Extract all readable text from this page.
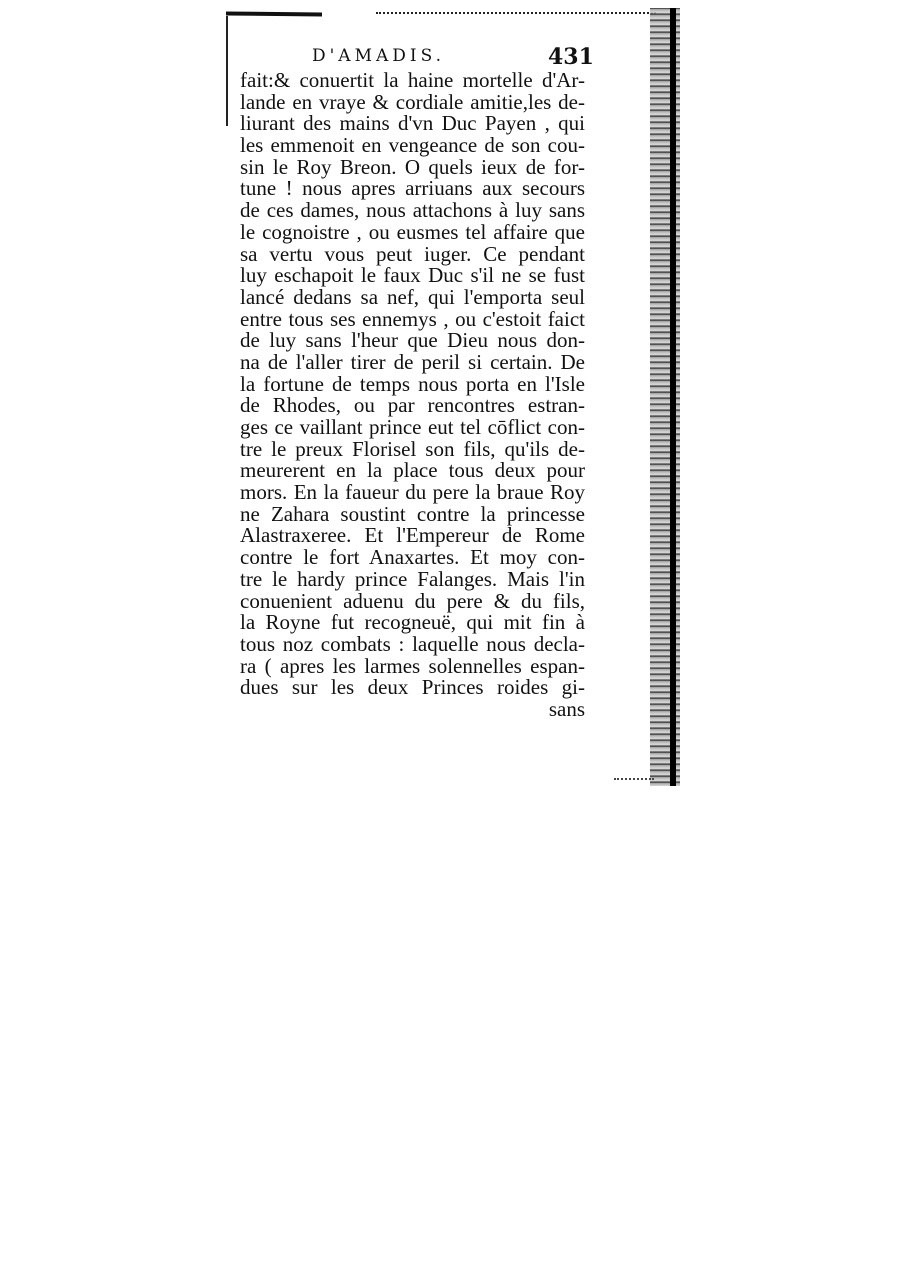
D'AMADIS.	431
fait:& conuertit la haine mortelle d'Ar-
lande en vraye & cordiale amitie,les de-
liurant des mains d'vn Duc Payen , qui
les emmenoit en vengeance de son cou-
sin le Roy Breon. O quels ieux de for-
tune ! nous apres arriuans aux secours
de ces dames, nous attachons à luy sans
le cognoistre , ou eusmes tel affaire que
sa vertu vous peut iuger. Ce pendant
luy eschapoit le faux Duc s'il ne se fust
lancé dedans sa nef, qui l'emporta seul
entre tous ses ennemys , ou c'estoit faict
de luy sans l'heur que Dieu nous don-
na de l'aller tirer de peril si certain. De
la fortune de temps nous porta en l'Isle
de Rhodes, ou par rencontres estran-
ges ce vaillant prince eut tel cōflict con-
tre le preux Florisel son fils, qu'ils de-
meurerent en la place tous deux pour
mors. En la faueur du pere la braue Roy
ne Zahara soustint contre la princesse
Alastraxeree. Et l'Empereur de Rome
contre le fort Anaxartes. Et moy con-
tre le hardy prince Falanges. Mais l'in
conuenient aduenu du pere & du fils,
la Royne fut recogneuë, qui mit fin à
tous noz combats : laquelle nous decla-
ra ( apres les larmes solennelles espan-
dues sur les deux Princes roides gi-
sans
